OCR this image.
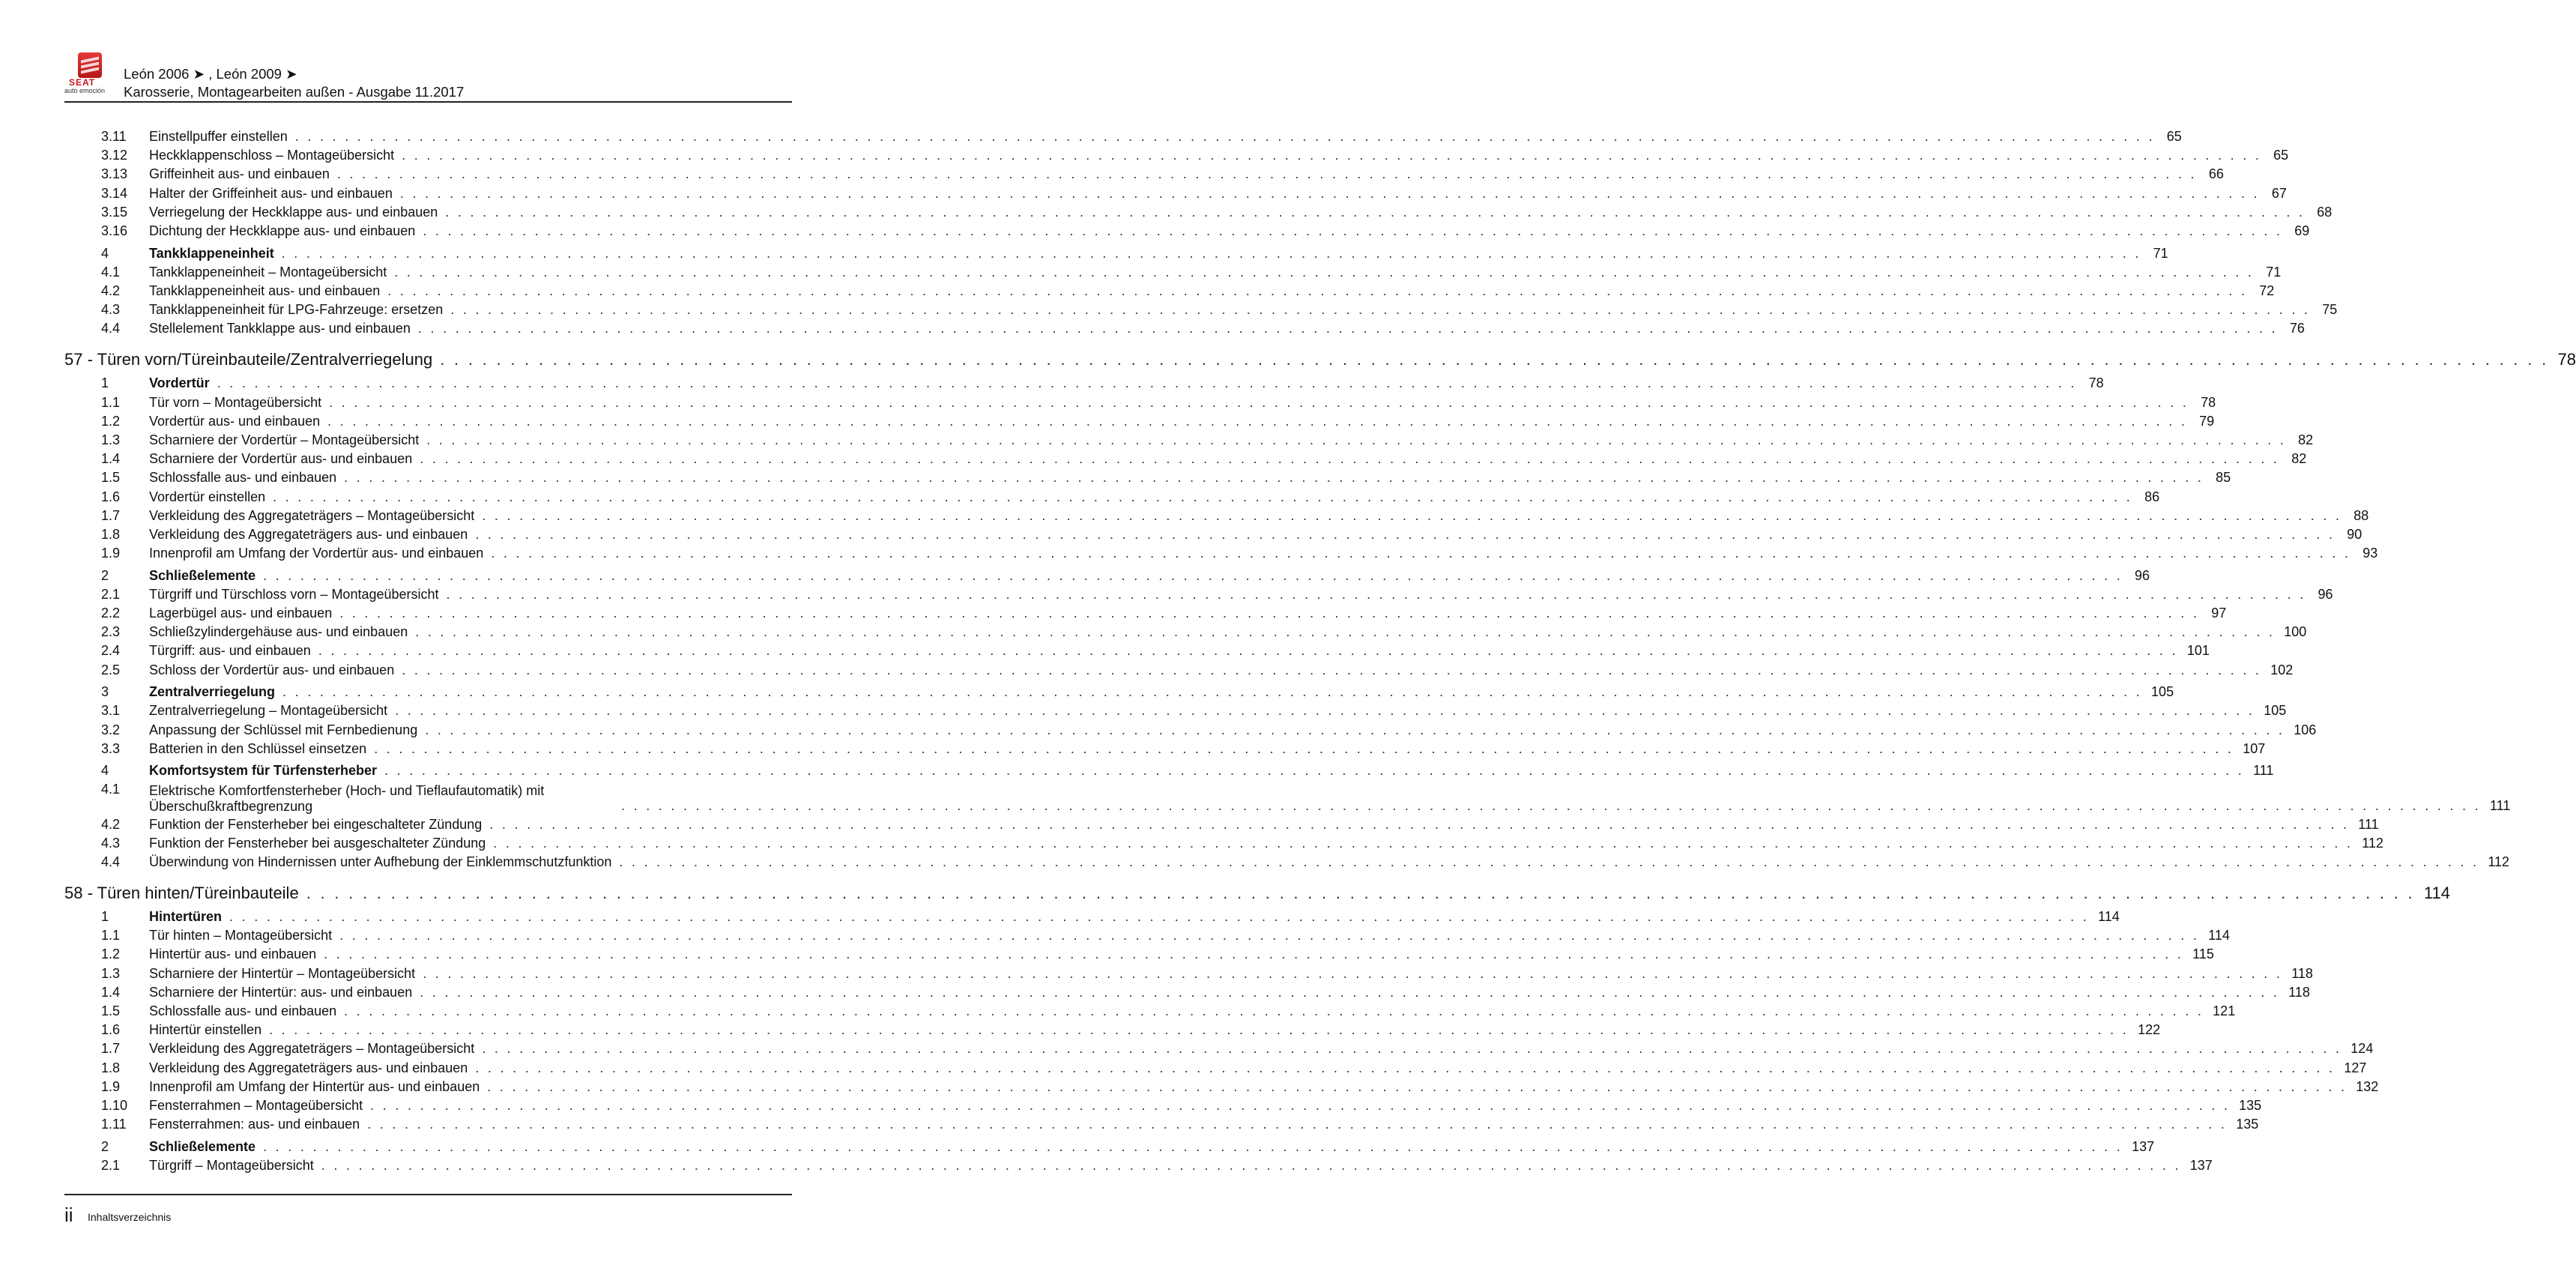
SEAT
auto emoción
León 2006 ➤ , León 2009 ➤
Karosserie, Montagearbeiten außen - Ausgabe 11.2017
3.11 Einstellpuffer einstellen . . . . . . . . . . . . . . . . . . . . . . . . . . . . . . . . . . . . . . . . . . . . . . . . . . . . . . . . . . . . . . . . . . . . . . . . . . . . . . . . . . . . . . . . . . . . . . . . . . . . . . . . . . . . . . . . . . . . . . . . . . . . . . . . . . . . . . . . . . . . . . . . . . . . . . 65
3.12 Heckklappenschloss – Montageübersicht . . . . . . . . . . . . . . . . . . . . . . . . . . . . . . . . . . . . . . . . . . . . . . . . . . . . . . . . . . . . . . . . . . . . . . . . . . . . . . . . . . . . . . . . . . . . . . . . . . . . . . . . . . . . . . . . . . . . . . . . . . . . . . . . . . . . . . . . . . . . . . . . . . . . . . 65
3.13 Griffeinheit aus- und einbauen . . . . . . . . . . . . . . . . . . . . . . . . . . . . . . . . . . . . . . . . . . . . . . . . . . . . . . . . . . . . . . . . . . . . . . . . . . . . . . . . . . . . . . . . . . . . . . . . . . . . . . . . . . . . . . . . . . . . . . . . . . . . . . . . . . . . . . . . . . . . . . . . . . . . . . 66
3.14 Halter der Griffeinheit aus- und einbauen . . . . . . . . . . . . . . . . . . . . . . . . . . . . . . . . . . . . . . . . . . . . . . . . . . . . . . . . . . . . . . . . . . . . . . . . . . . . . . . . . . . . . . . . . . . . . . . . . . . . . . . . . . . . . . . . . . . . . . . . . . . . . . . . . . . . . . . . . . . . . . . . . . . . . . 67
3.15 Verriegelung der Heckklappe aus- und einbauen . . . . . . . . . . . . . . . . . . . . . . . . . . . . . . . . . . . . . . . . . . . . . . . . . . . . . . . . . . . . . . . . . . . . . . . . . . . . . . . . . . . . . . . . . . . . . . . . . . . . . . . . . . . . . . . . . . . . . . . . . . . . . . . . . . . . . . . . . . . . . . . . . . . . . . 68
3.16 Dichtung der Heckklappe aus- und einbauen . . . . . . . . . . . . . . . . . . . . . . . . . . . . . . . . . . . . . . . . . . . . . . . . . . . . . . . . . . . . . . . . . . . . . . . . . . . . . . . . . . . . . . . . . . . . . . . . . . . . . . . . . . . . . . . . . . . . . . . . . . . . . . . . . . . . . . . . . . . . . . . . . . . . . . 69
4	Tankklappeneinheit . . . . . . . . . . . . . . . . . . . . . . . . . . . . . . . . . . . . . . . . . . . . . . . . . . . . . . . . . . . . . . . . . . . . . . . . . . . . . . . . . . . . . . . . . . . . . . . . . . . . . . . . . . . . . . . . . . . . . . . . . . . . . . . . . . . . . . . . . . . . . . . . . . . . . . 71
4.1 Tankklappeneinheit – Montageübersicht . . . . . . . . . . . . . . . . . . . . . . . . . . . . . . . . . . . . . . . . . . . . . . . . . . . . . . . . . . . . . . . . . . . . . . . . . . . . . . . . . . . . . . . . . . . . . . . . . . . . . . . . . . . . . . . . . . . . . . . . . . . . . . . . . . . . . . . . . . . . . . . . . . . . . . 71
4.2 Tankklappeneinheit aus- und einbauen . . . . . . . . . . . . . . . . . . . . . . . . . . . . . . . . . . . . . . . . . . . . . . . . . . . . . . . . . . . . . . . . . . . . . . . . . . . . . . . . . . . . . . . . . . . . . . . . . . . . . . . . . . . . . . . . . . . . . . . . . . . . . . . . . . . . . . . . . . . . . . . . . . . . . . 72
4.3 Tankklappeneinheit für LPG-Fahrzeuge: ersetzen . . . . . . . . . . . . . . . . . . . . . . . . . . . . . . . . . . . . . . . . . . . . . . . . . . . . . . . . . . . . . . . . . . . . . . . . . . . . . . . . . . . . . . . . . . . . . . . . . . . . . . . . . . . . . . . . . . . . . . . . . . . . . . . . . . . . . . . . . . . . . . . . . . . . . . 75
4.4 Stellelement Tankklappe aus- und einbauen . . . . . . . . . . . . . . . . . . . . . . . . . . . . . . . . . . . . . . . . . . . . . . . . . . . . . . . . . . . . . . . . . . . . . . . . . . . . . . . . . . . . . . . . . . . . . . . . . . . . . . . . . . . . . . . . . . . . . . . . . . . . . . . . . . . . . . . . . . . . . . . . . . . . . . 76
57 - Türen vorn/Türeinbauteile/Zentralverriegelung . . . . . . . . . . . . . . . . . . . . . . . . . . . . . . . . . . . . . . . . . . . . . . . . . . . . . . . . . . . . . . . . . . . . . . . . . . . . . . . . . . . . . . . . . . . . . . . . . . . . . . . . . . . . . . . . . . . . . . . . . . . . . . . . . . . . . . . . . . . . . . . . . . . . . . 78
1	Vordertür . . . . . . . . . . . . . . . . . . . . . . . . . . . . . . . . . . . . . . . . . . . . . . . . . . . . . . . . . . . . . . . . . . . . . . . . . . . . . . . . . . . . . . . . . . . . . . . . . . . . . . . . . . . . . . . . . . . . . . . . . . . . . . . . . . . . . . . . . . . . . . . . . . . . . . 78
1.1 Tür vorn – Montageübersicht . . . . . . . . . . . . . . . . . . . . . . . . . . . . . . . . . . . . . . . . . . . . . . . . . . . . . . . . . . . . . . . . . . . . . . . . . . . . . . . . . . . . . . . . . . . . . . . . . . . . . . . . . . . . . . . . . . . . . . . . . . . . . . . . . . . . . . . . . . . . . . . . . . . . . . 78
1.2 Vordertür aus- und einbauen . . . . . . . . . . . . . . . . . . . . . . . . . . . . . . . . . . . . . . . . . . . . . . . . . . . . . . . . . . . . . . . . . . . . . . . . . . . . . . . . . . . . . . . . . . . . . . . . . . . . . . . . . . . . . . . . . . . . . . . . . . . . . . . . . . . . . . . . . . . . . . . . . . . . . . 79
1.3 Scharniere der Vordertür – Montageübersicht . . . . . . . . . . . . . . . . . . . . . . . . . . . . . . . . . . . . . . . . . . . . . . . . . . . . . . . . . . . . . . . . . . . . . . . . . . . . . . . . . . . . . . . . . . . . . . . . . . . . . . . . . . . . . . . . . . . . . . . . . . . . . . . . . . . . . . . . . . . . . . . . . . . . . . 82
1.4 Scharniere der Vordertür aus- und einbauen . . . . . . . . . . . . . . . . . . . . . . . . . . . . . . . . . . . . . . . . . . . . . . . . . . . . . . . . . . . . . . . . . . . . . . . . . . . . . . . . . . . . . . . . . . . . . . . . . . . . . . . . . . . . . . . . . . . . . . . . . . . . . . . . . . . . . . . . . . . . . . . . . . . . . . 82
1.5 Schlossfalle aus- und einbauen . . . . . . . . . . . . . . . . . . . . . . . . . . . . . . . . . . . . . . . . . . . . . . . . . . . . . . . . . . . . . . . . . . . . . . . . . . . . . . . . . . . . . . . . . . . . . . . . . . . . . . . . . . . . . . . . . . . . . . . . . . . . . . . . . . . . . . . . . . . . . . . . . . . . . . 85
1.6 Vordertür einstellen . . . . . . . . . . . . . . . . . . . . . . . . . . . . . . . . . . . . . . . . . . . . . . . . . . . . . . . . . . . . . . . . . . . . . . . . . . . . . . . . . . . . . . . . . . . . . . . . . . . . . . . . . . . . . . . . . . . . . . . . . . . . . . . . . . . . . . . . . . . . . . . . . . . . . . 86
1.7 Verkleidung des Aggregateträgers – Montageübersicht . . . . . . . . . . . . . . . . . . . . . . . . . . . . . . . . . . . . . . . . . . . . . . . . . . . . . . . . . . . . . . . . . . . . . . . . . . . . . . . . . . . . . . . . . . . . . . . . . . . . . . . . . . . . . . . . . . . . . . . . . . . . . . . . . . . . . . . . . . . . . . . . . . . . . . 88
1.8 Verkleidung des Aggregateträgers aus- und einbauen . . . . . . . . . . . . . . . . . . . . . . . . . . . . . . . . . . . . . . . . . . . . . . . . . . . . . . . . . . . . . . . . . . . . . . . . . . . . . . . . . . . . . . . . . . . . . . . . . . . . . . . . . . . . . . . . . . . . . . . . . . . . . . . . . . . . . . . . . . . . . . . . . . . . . . 90
1.9 Innenprofil am Umfang der Vordertür aus- und einbauen . . . . . . . . . . . . . . . . . . . . . . . . . . . . . . . . . . . . . . . . . . . . . . . . . . . . . . . . . . . . . . . . . . . . . . . . . . . . . . . . . . . . . . . . . . . . . . . . . . . . . . . . . . . . . . . . . . . . . . . . . . . . . . . . . . . . . . . . . . . . . . . . . . . . . . 93
2	Schließelemente . . . . . . . . . . . . . . . . . . . . . . . . . . . . . . . . . . . . . . . . . . . . . . . . . . . . . . . . . . . . . . . . . . . . . . . . . . . . . . . . . . . . . . . . . . . . . . . . . . . . . . . . . . . . . . . . . . . . . . . . . . . . . . . . . . . . . . . . . . . . . . . . . . . . . . 96
2.1 Türgriff und Türschloss vorn – Montageübersicht . . . . . . . . . . . . . . . . . . . . . . . . . . . . . . . . . . . . . . . . . . . . . . . . . . . . . . . . . . . . . . . . . . . . . . . . . . . . . . . . . . . . . . . . . . . . . . . . . . . . . . . . . . . . . . . . . . . . . . . . . . . . . . . . . . . . . . . . . . . . . . . . . . . . . . 96
2.2 Lagerbügel aus- und einbauen . . . . . . . . . . . . . . . . . . . . . . . . . . . . . . . . . . . . . . . . . . . . . . . . . . . . . . . . . . . . . . . . . . . . . . . . . . . . . . . . . . . . . . . . . . . . . . . . . . . . . . . . . . . . . . . . . . . . . . . . . . . . . . . . . . . . . . . . . . . . . . . . . . . . . . 97
2.3 Schließzylindergehäuse aus- und einbauen . . . . . . . . . . . . . . . . . . . . . . . . . . . . . . . . . . . . . . . . . . . . . . . . . . . . . . . . . . . . . . . . . . . . . . . . . . . . . . . . . . . . . . . . . . . . . . . . . . . . . . . . . . . . . . . . . . . . . . . . . . . . . . . . . . . . . . . . . . . . . . . . . . . . . . 100
2.4 Türgriff: aus- und einbauen . . . . . . . . . . . . . . . . . . . . . . . . . . . . . . . . . . . . . . . . . . . . . . . . . . . . . . . . . . . . . . . . . . . . . . . . . . . . . . . . . . . . . . . . . . . . . . . . . . . . . . . . . . . . . . . . . . . . . . . . . . . . . . . . . . . . . . . . . . . . . . . . . . . . . . 101
2.5 Schloss der Vordertür aus- und einbauen . . . . . . . . . . . . . . . . . . . . . . . . . . . . . . . . . . . . . . . . . . . . . . . . . . . . . . . . . . . . . . . . . . . . . . . . . . . . . . . . . . . . . . . . . . . . . . . . . . . . . . . . . . . . . . . . . . . . . . . . . . . . . . . . . . . . . . . . . . . . . . . . . . . . . . 102
3	Zentralverriegelung . . . . . . . . . . . . . . . . . . . . . . . . . . . . . . . . . . . . . . . . . . . . . . . . . . . . . . . . . . . . . . . . . . . . . . . . . . . . . . . . . . . . . . . . . . . . . . . . . . . . . . . . . . . . . . . . . . . . . . . . . . . . . . . . . . . . . . . . . . . . . . . . . . . . . . 105
3.1 Zentralverriegelung – Montageübersicht . . . . . . . . . . . . . . . . . . . . . . . . . . . . . . . . . . . . . . . . . . . . . . . . . . . . . . . . . . . . . . . . . . . . . . . . . . . . . . . . . . . . . . . . . . . . . . . . . . . . . . . . . . . . . . . . . . . . . . . . . . . . . . . . . . . . . . . . . . . . . . . . . . . . . . 105
3.2 Anpassung der Schlüssel mit Fernbedienung . . . . . . . . . . . . . . . . . . . . . . . . . . . . . . . . . . . . . . . . . . . . . . . . . . . . . . . . . . . . . . . . . . . . . . . . . . . . . . . . . . . . . . . . . . . . . . . . . . . . . . . . . . . . . . . . . . . . . . . . . . . . . . . . . . . . . . . . . . . . . . . . . . . . . . 106
3.3 Batterien in den Schlüssel einsetzen . . . . . . . . . . . . . . . . . . . . . . . . . . . . . . . . . . . . . . . . . . . . . . . . . . . . . . . . . . . . . . . . . . . . . . . . . . . . . . . . . . . . . . . . . . . . . . . . . . . . . . . . . . . . . . . . . . . . . . . . . . . . . . . . . . . . . . . . . . . . . . . . . . . . . . 107
4	Komfortsystem für Türfensterheber . . . . . . . . . . . . . . . . . . . . . . . . . . . . . . . . . . . . . . . . . . . . . . . . . . . . . . . . . . . . . . . . . . . . . . . . . . . . . . . . . . . . . . . . . . . . . . . . . . . . . . . . . . . . . . . . . . . . . . . . . . . . . . . . . . . . . . . . . . . . . . . . . . . . . . 111
4.1 Elektrische Komfortfensterheber (Hoch- und Tieflaufautomatik) mit Überschußkraftbegrenzung	. . . . . . . . . . . . . . . . . . . . . . . . . . . . . . . . . . . . . . . . . . . . . . . . . . . . . . . . . . . . . . . . . . . . . . . . . . . . . . . . . . . . . . . . . . . . . . . . . . . . . . . . . . . . . . . . . . . . . . . . . . . . . . . . . . . . . . . . . . . . . . . . . . . . . . 111
4.2 Funktion der Fensterheber bei eingeschalteter Zündung . . . . . . . . . . . . . . . . . . . . . . . . . . . . . . . . . . . . . . . . . . . . . . . . . . . . . . . . . . . . . . . . . . . . . . . . . . . . . . . . . . . . . . . . . . . . . . . . . . . . . . . . . . . . . . . . . . . . . . . . . . . . . . . . . . . . . . . . . . . . . . . . . . . . . . 111
4.3 Funktion der Fensterheber bei ausgeschalteter Zündung . . . . . . . . . . . . . . . . . . . . . . . . . . . . . . . . . . . . . . . . . . . . . . . . . . . . . . . . . . . . . . . . . . . . . . . . . . . . . . . . . . . . . . . . . . . . . . . . . . . . . . . . . . . . . . . . . . . . . . . . . . . . . . . . . . . . . . . . . . . . . . . . . . . . . . 112
4.4 Überwindung von Hindernissen unter Aufhebung der Einklemmschutzfunktion . . . . . . . . . . . . . . . . . . . . . . . . . . . . . . . . . . . . . . . . . . . . . . . . . . . . . . . . . . . . . . . . . . . . . . . . . . . . . . . . . . . . . . . . . . . . . . . . . . . . . . . . . . . . . . . . . . . . . . . . . . . . . . . . . . . . . . . . . . . . . . . . . . . . . . 112
58 - Türen hinten/Türeinbauteile . . . . . . . . . . . . . . . . . . . . . . . . . . . . . . . . . . . . . . . . . . . . . . . . . . . . . . . . . . . . . . . . . . . . . . . . . . . . . . . . . . . . . . . . . . . . . . . . . . . . . . . . . . . . . . . . . . . . . . . . . . . . . . . . . . . . . . . . . . . . . . . . . . . . . . 114
1	Hintertüren . . . . . . . . . . . . . . . . . . . . . . . . . . . . . . . . . . . . . . . . . . . . . . . . . . . . . . . . . . . . . . . . . . . . . . . . . . . . . . . . . . . . . . . . . . . . . . . . . . . . . . . . . . . . . . . . . . . . . . . . . . . . . . . . . . . . . . . . . . . . . . . . . . . . . . 114
1.1 Tür hinten – Montageübersicht . . . . . . . . . . . . . . . . . . . . . . . . . . . . . . . . . . . . . . . . . . . . . . . . . . . . . . . . . . . . . . . . . . . . . . . . . . . . . . . . . . . . . . . . . . . . . . . . . . . . . . . . . . . . . . . . . . . . . . . . . . . . . . . . . . . . . . . . . . . . . . . . . . . . . . 114
1.2 Hintertür aus- und einbauen . . . . . . . . . . . . . . . . . . . . . . . . . . . . . . . . . . . . . . . . . . . . . . . . . . . . . . . . . . . . . . . . . . . . . . . . . . . . . . . . . . . . . . . . . . . . . . . . . . . . . . . . . . . . . . . . . . . . . . . . . . . . . . . . . . . . . . . . . . . . . . . . . . . . . . 115
1.3 Scharniere der Hintertür – Montageübersicht . . . . . . . . . . . . . . . . . . . . . . . . . . . . . . . . . . . . . . . . . . . . . . . . . . . . . . . . . . . . . . . . . . . . . . . . . . . . . . . . . . . . . . . . . . . . . . . . . . . . . . . . . . . . . . . . . . . . . . . . . . . . . . . . . . . . . . . . . . . . . . . . . . . . . . 118
1.4 Scharniere der Hintertür: aus- und einbauen . . . . . . . . . . . . . . . . . . . . . . . . . . . . . . . . . . . . . . . . . . . . . . . . . . . . . . . . . . . . . . . . . . . . . . . . . . . . . . . . . . . . . . . . . . . . . . . . . . . . . . . . . . . . . . . . . . . . . . . . . . . . . . . . . . . . . . . . . . . . . . . . . . . . . . 118
1.5 Schlossfalle aus- und einbauen . . . . . . . . . . . . . . . . . . . . . . . . . . . . . . . . . . . . . . . . . . . . . . . . . . . . . . . . . . . . . . . . . . . . . . . . . . . . . . . . . . . . . . . . . . . . . . . . . . . . . . . . . . . . . . . . . . . . . . . . . . . . . . . . . . . . . . . . . . . . . . . . . . . . . . 121
1.6 Hintertür einstellen . . . . . . . . . . . . . . . . . . . . . . . . . . . . . . . . . . . . . . . . . . . . . . . . . . . . . . . . . . . . . . . . . . . . . . . . . . . . . . . . . . . . . . . . . . . . . . . . . . . . . . . . . . . . . . . . . . . . . . . . . . . . . . . . . . . . . . . . . . . . . . . . . . . . . . 122
1.7 Verkleidung des Aggregateträgers – Montageübersicht . . . . . . . . . . . . . . . . . . . . . . . . . . . . . . . . . . . . . . . . . . . . . . . . . . . . . . . . . . . . . . . . . . . . . . . . . . . . . . . . . . . . . . . . . . . . . . . . . . . . . . . . . . . . . . . . . . . . . . . . . . . . . . . . . . . . . . . . . . . . . . . . . . . . . . 124
1.8 Verkleidung des Aggregateträgers aus- und einbauen . . . . . . . . . . . . . . . . . . . . . . . . . . . . . . . . . . . . . . . . . . . . . . . . . . . . . . . . . . . . . . . . . . . . . . . . . . . . . . . . . . . . . . . . . . . . . . . . . . . . . . . . . . . . . . . . . . . . . . . . . . . . . . . . . . . . . . . . . . . . . . . . . . . . . . 127
1.9 Innenprofil am Umfang der Hintertür aus- und einbauen . . . . . . . . . . . . . . . . . . . . . . . . . . . . . . . . . . . . . . . . . . . . . . . . . . . . . . . . . . . . . . . . . . . . . . . . . . . . . . . . . . . . . . . . . . . . . . . . . . . . . . . . . . . . . . . . . . . . . . . . . . . . . . . . . . . . . . . . . . . . . . . . . . . . . . 132
1.10 Fensterrahmen – Montageübersicht . . . . . . . . . . . . . . . . . . . . . . . . . . . . . . . . . . . . . . . . . . . . . . . . . . . . . . . . . . . . . . . . . . . . . . . . . . . . . . . . . . . . . . . . . . . . . . . . . . . . . . . . . . . . . . . . . . . . . . . . . . . . . . . . . . . . . . . . . . . . . . . . . . . . . . 135
1.11 Fensterrahmen: aus- und einbauen . . . . . . . . . . . . . . . . . . . . . . . . . . . . . . . . . . . . . . . . . . . . . . . . . . . . . . . . . . . . . . . . . . . . . . . . . . . . . . . . . . . . . . . . . . . . . . . . . . . . . . . . . . . . . . . . . . . . . . . . . . . . . . . . . . . . . . . . . . . . . . . . . . . . . . 135
2	Schließelemente . . . . . . . . . . . . . . . . . . . . . . . . . . . . . . . . . . . . . . . . . . . . . . . . . . . . . . . . . . . . . . . . . . . . . . . . . . . . . . . . . . . . . . . . . . . . . . . . . . . . . . . . . . . . . . . . . . . . . . . . . . . . . . . . . . . . . . . . . . . . . . . . . . . . . . 137
2.1 Türgriff – Montageübersicht . . . . . . . . . . . . . . . . . . . . . . . . . . . . . . . . . . . . . . . . . . . . . . . . . . . . . . . . . . . . . . . . . . . . . . . . . . . . . . . . . . . . . . . . . . . . . . . . . . . . . . . . . . . . . . . . . . . . . . . . . . . . . . . . . . . . . . . . . . . . . . . . . . . . . . 137
ii Inhaltsverzeichnis
